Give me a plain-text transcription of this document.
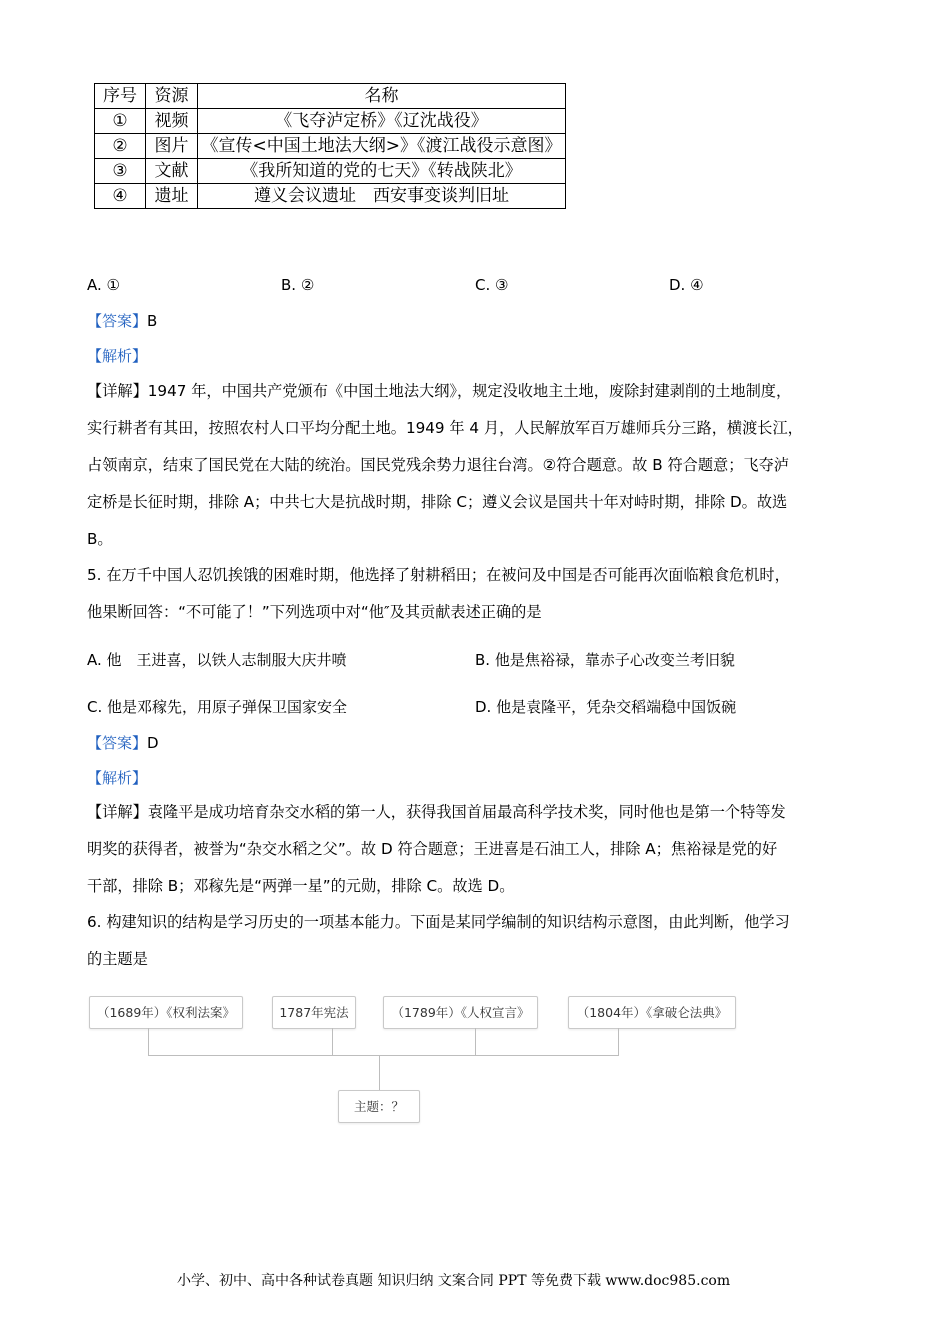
序号	资源	名称
①	视频	《飞夺泸定桥》《辽沈战役》
②	图片	《宣传<中国土地法大纲>》《渡江战役示意图》
③	文献	《我所知道的党的七天》《转战陕北》
④	遗址	遵义会议遗址　西安事变谈判旧址
A. ①	B. ②	C. ③	D. ④
【答案】B
【解析】
【详解】1947 年，中国共产党颁布《中国土地法大纲》，规定没收地主土地，废除封建剥削的土地制度，
实行耕者有其田，按照农村人口平均分配土地。1949 年 4 月，人民解放军百万雄师兵分三路，横渡长江，
占领南京，结束了国民党在大陆的统治。国民党残余势力退往台湾。②符合题意。故 B 符合题意；飞夺泸
定桥是长征时期，排除 A；中共七大是抗战时期，排除 C；遵义会议是国共十年对峙时期，排除 D。故选
B。
5. 在万千中国人忍饥挨饿的困难时期，他选择了射耕稻田；在被问及中国是否可能再次面临粮食危机时，
他果断回答：“不可能了！”下列选项中对“他″及其贡献表述正确的是
A. 他　王进喜，以铁人志制服大庆井喷	B. 他是焦裕禄，靠赤子心改变兰考旧貌
C. 他是邓稼先，用原子弹保卫国家安全	D. 他是袁隆平，凭杂交稻端稳中国饭碗
【答案】D
【解析】
【详解】袁隆平是成功培育杂交水稻的第一人，获得我国首届最高科学技术奖，同时他也是第一个特等发
明奖的获得者，被誉为“杂交水稻之父”。故 D 符合题意；王进喜是石油工人，排除 A；焦裕禄是党的好
干部，排除 B；邓稼先是“两弹一星”的元勋，排除 C。故选 D。
6. 构建知识的结构是学习历史的一项基本能力。下面是某同学编制的知识结构示意图，由此判断，他学习
的主题是
（1689年）《权利法案》	1787年宪法	（1789年）《人权宣言》	（1804年）《拿破仑法典》
主题：？
小学、初中、高中各种试卷真题 知识归纳 文案合同 PPT 等免费下载 www.doc985.com
